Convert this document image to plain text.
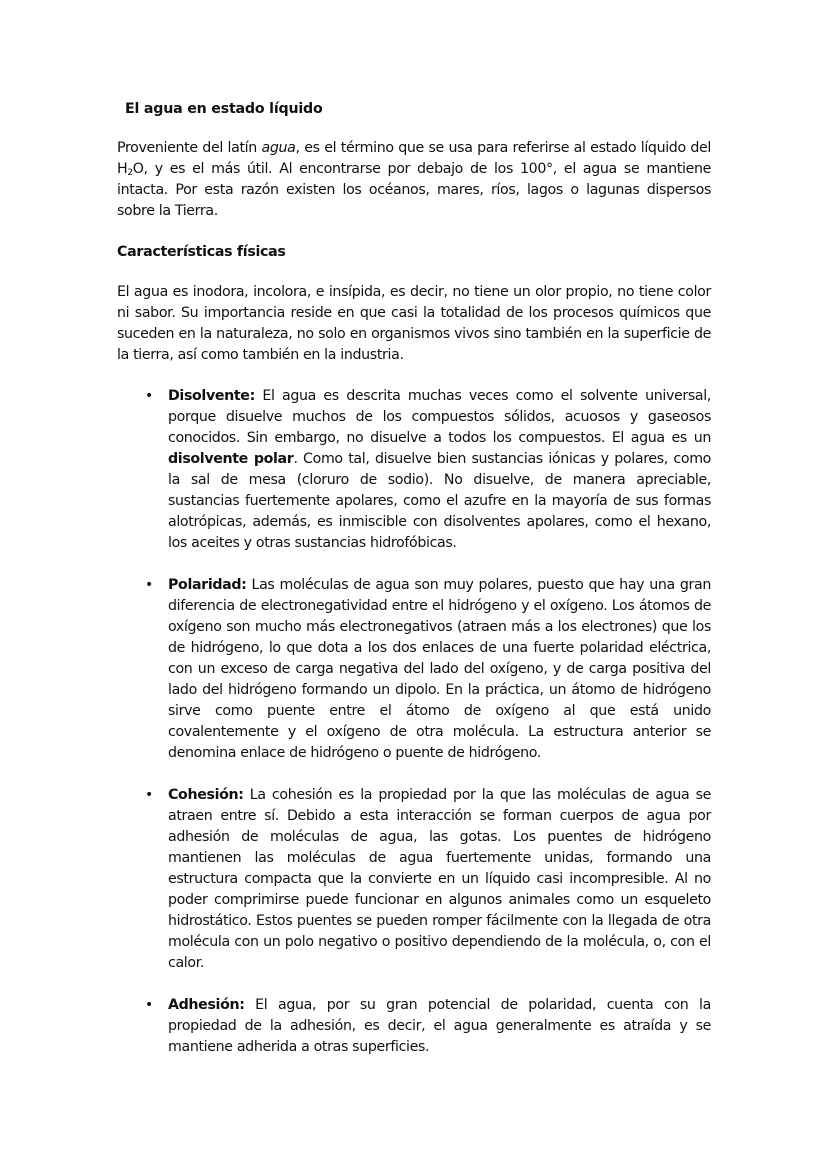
El agua en estado líquido

Proveniente del latín agua, es el término que se usa para referirse al estado líquido del $H_2O$, y es el más útil. Al encontrarse por debajo de los 100°, el agua se mantiene intacta. Por esta razón existen los océanos, mares, ríos, lagos o lagunas dispersos sobre la Tierra.

Características físicas

El agua es inodora, incolora, e insípida, es decir, no tiene un olor propio, no tiene color ni sabor. Su importancia reside en que casi la totalidad de los procesos químicos que suceden en la naturaleza, no solo en organismos vivos sino también en la superficie de la tierra, así como también en la industria.

• Disolvente: El agua es descrita muchas veces como el solvente universal, porque disuelve muchos de los compuestos sólidos, acuosos y gaseosos conocidos. Sin embargo, no disuelve a todos los compuestos. El agua es un disolvente polar. Como tal, disuelve bien sustancias iónicas y polares, como la sal de mesa (cloruro de sodio). No disuelve, de manera apreciable, sustancias fuertemente apolares, como el azufre en la mayoría de sus formas alotrópicas, además, es inmiscible con disolventes apolares, como el hexano, los aceites y otras sustancias hidrofóbicas.

• Polaridad: Las moléculas de agua son muy polares, puesto que hay una gran diferencia de electronegatividad entre el hidrógeno y el oxígeno. Los átomos de oxígeno son mucho más electronegativos (atraen más a los electrones) que los de hidrógeno, lo que dota a los dos enlaces de una fuerte polaridad eléctrica, con un exceso de carga negativa del lado del oxígeno, y de carga positiva del lado del hidrógeno formando un dipolo. En la práctica, un átomo de hidrógeno sirve como puente entre el átomo de oxígeno al que está unido covalentemente y el oxígeno de otra molécula. La estructura anterior se denomina enlace de hidrógeno o puente de hidrógeno.

• Cohesión: La cohesión es la propiedad por la que las moléculas de agua se atraen entre sí. Debido a esta interacción se forman cuerpos de agua por adhesión de moléculas de agua, las gotas. Los puentes de hidrógeno mantienen las moléculas de agua fuertemente unidas, formando una estructura compacta que la convierte en un líquido casi incompresible. Al no poder comprimirse puede funcionar en algunos animales como un esqueleto hidrostático. Estos puentes se pueden romper fácilmente con la llegada de otra molécula con un polo negativo o positivo dependiendo de la molécula, o, con el calor.

• Adhesión: El agua, por su gran potencial de polaridad, cuenta con la propiedad de la adhesión, es decir, el agua generalmente es atraída y se mantiene adherida a otras superficies.
